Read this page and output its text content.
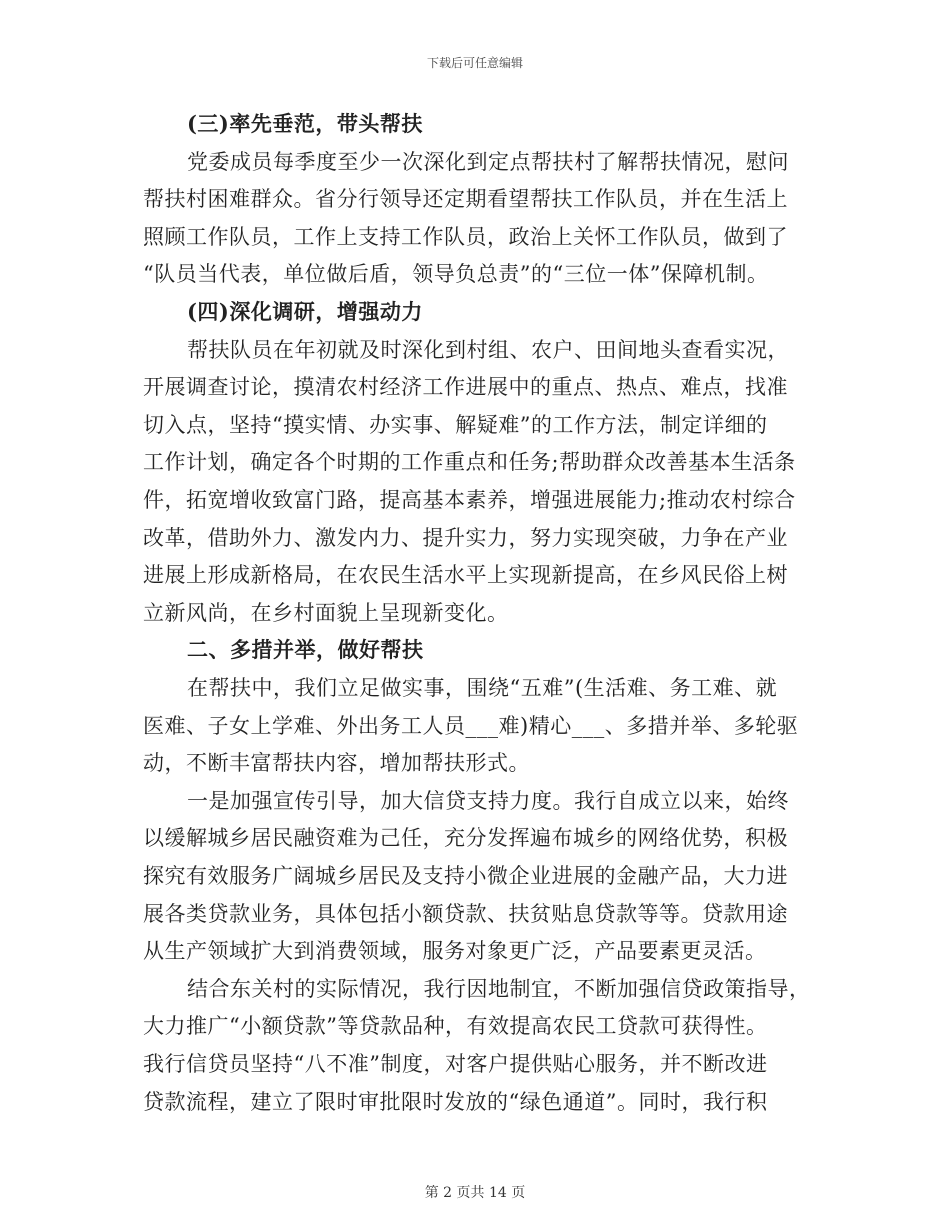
下载后可任意编辑
(三)率先垂范，带头帮扶
党委成员每季度至少一次深化到定点帮扶村了解帮扶情况，慰问
帮扶村困难群众。省分行领导还定期看望帮扶工作队员，并在生活上
照顾工作队员，工作上支持工作队员，政治上关怀工作队员，做到了
“队员当代表，单位做后盾，领导负总责”的“三位一体”保障机制。
(四)深化调研，增强动力
帮扶队员在年初就及时深化到村组、农户、田间地头查看实况，
开展调查讨论，摸清农村经济工作进展中的重点、热点、难点，找准
切入点，坚持“摸实情、办实事、解疑难”的工作方法，制定详细的
工作计划，确定各个时期的工作重点和任务;帮助群众改善基本生活条
件，拓宽增收致富门路，提高基本素养，增强进展能力;推动农村综合
改革，借助外力、激发内力、提升实力，努力实现突破，力争在产业
进展上形成新格局，在农民生活水平上实现新提高，在乡风民俗上树
立新风尚，在乡村面貌上呈现新变化。
二、多措并举，做好帮扶
在帮扶中，我们立足做实事，围绕“五难”(生活难、务工难、就
医难、子女上学难、外出务工人员___难)精心___、多措并举、多轮驱
动，不断丰富帮扶内容，增加帮扶形式。
一是加强宣传引导，加大信贷支持力度。我行自成立以来，始终
以缓解城乡居民融资难为己任，充分发挥遍布城乡的网络优势，积极
探究有效服务广阔城乡居民及支持小微企业进展的金融产品，大力进
展各类贷款业务，具体包括小额贷款、扶贫贴息贷款等等。贷款用途
从生产领域扩大到消费领域，服务对象更广泛，产品要素更灵活。
结合东关村的实际情况，我行因地制宜，不断加强信贷政策指导，
大力推广“小额贷款”等贷款品种，有效提高农民工贷款可获得性。
我行信贷员坚持“八不准”制度，对客户提供贴心服务，并不断改进
贷款流程，建立了限时审批限时发放的“绿色通道”。同时，我行积
第 2 页共 14 页
